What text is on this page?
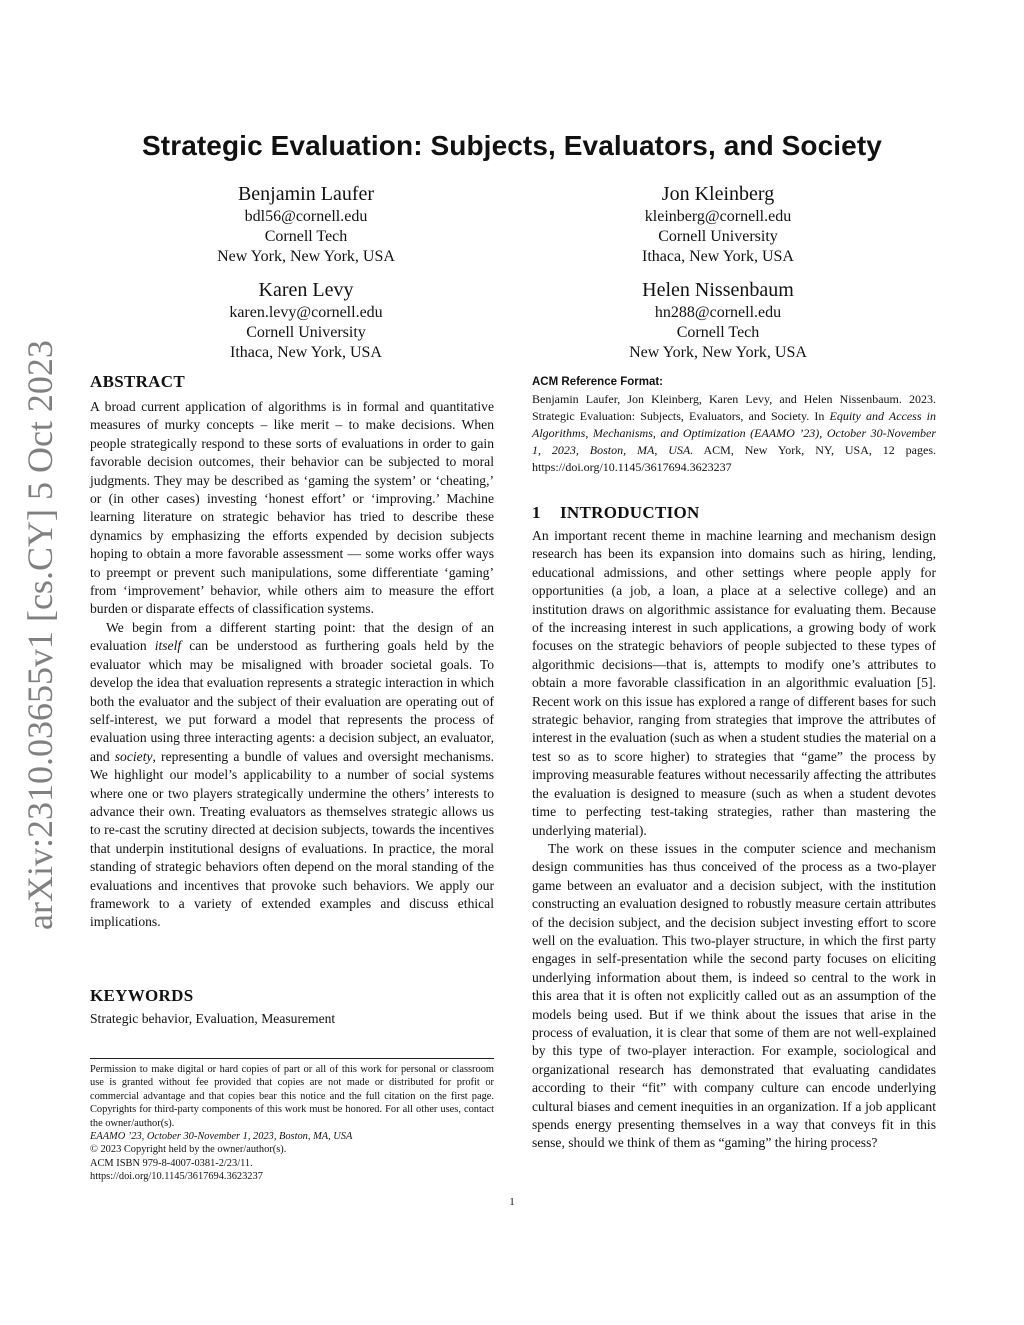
arXiv:2310.03655v1 [cs.CY] 5 Oct 2023
Strategic Evaluation: Subjects, Evaluators, and Society
Benjamin Laufer
bdl56@cornell.edu
Cornell Tech
New York, New York, USA
Jon Kleinberg
kleinberg@cornell.edu
Cornell University
Ithaca, New York, USA
Karen Levy
karen.levy@cornell.edu
Cornell University
Ithaca, New York, USA
Helen Nissenbaum
hn288@cornell.edu
Cornell Tech
New York, New York, USA
ABSTRACT

A broad current application of algorithms is in formal and quantitative measures of murky concepts – like merit – to make decisions. When people strategically respond to these sorts of evaluations in order to gain favorable decision outcomes, their behavior can be subjected to moral judgments. They may be described as ‘gaming the system’ or ‘cheating,’ or (in other cases) investing ‘honest effort’ or ‘improving.’ Machine learning literature on strategic behavior has tried to describe these dynamics by emphasizing the efforts expended by decision subjects hoping to obtain a more favorable assessment — some works offer ways to preempt or prevent such manipulations, some differentiate ‘gaming’ from ‘improvement’ behavior, while others aim to measure the effort burden or disparate effects of classification systems.

We begin from a different starting point: that the design of an evaluation itself can be understood as furthering goals held by the evaluator which may be misaligned with broader societal goals. To develop the idea that evaluation represents a strategic interaction in which both the evaluator and the subject of their evaluation are operating out of self-interest, we put forward a model that represents the process of evaluation using three interacting agents: a decision subject, an evaluator, and society, representing a bundle of values and oversight mechanisms. We highlight our model’s applicability to a number of social systems where one or two players strategically undermine the others’ interests to advance their own. Treating evaluators as themselves strategic allows us to re-cast the scrutiny directed at decision subjects, towards the incentives that underpin institutional designs of evaluations. In practice, the moral standing of strategic behaviors often depend on the moral standing of the evaluations and incentives that provoke such behaviors. We apply our framework to a variety of extended examples and discuss ethical implications.

KEYWORDS
Strategic behavior, Evaluation, Measurement

Permission to make digital or hard copies of part or all of this work for personal or classroom use is granted without fee provided that copies are not made or distributed for profit or commercial advantage and that copies bear this notice and the full citation on the first page. Copyrights for third-party components of this work must be honored. For all other uses, contact the owner/author(s).

EAAMO ’23, October 30-November 1, 2023, Boston, MA, USA

© 2023 Copyright held by the owner/author(s).

ACM ISBN 979-8-4007-0381-2/23/11.

https://doi.org/10.1145/3617694.3623237

ACM Reference Format:
Benjamin Laufer, Jon Kleinberg, Karen Levy, and Helen Nissenbaum. 2023. Strategic Evaluation: Subjects, Evaluators, and Society. In Equity and Access in Algorithms, Mechanisms, and Optimization (EAAMO ’23), October 30-November 1, 2023, Boston, MA, USA. ACM, New York, NY, USA, 12 pages. https://doi.org/10.1145/3617694.3623237
1 INTRODUCTION

An important recent theme in machine learning and mechanism design research has been its expansion into domains such as hiring, lending, educational admissions, and other settings where people apply for opportunities (a job, a loan, a place at a selective college) and an institution draws on algorithmic assistance for evaluating them. Because of the increasing interest in such applications, a growing body of work focuses on the strategic behaviors of people subjected to these types of algorithmic decisions—that is, attempts to modify one’s attributes to obtain a more favorable classification in an algorithmic evaluation [5]. Recent work on this issue has explored a range of different bases for such strategic behavior, ranging from strategies that improve the attributes of interest in the evaluation (such as when a student studies the material on a test so as to score higher) to strategies that “game” the process by improving measurable features without necessarily affecting the attributes the evaluation is designed to measure (such as when a student devotes time to perfecting test-taking strategies, rather than mastering the underlying material).

The work on these issues in the computer science and mechanism design communities has thus conceived of the process as a two-player game between an evaluator and a decision subject, with the institution constructing an evaluation designed to robustly measure certain attributes of the decision subject, and the decision subject investing effort to score well on the evaluation. This two-player structure, in which the first party engages in self-presentation while the second party focuses on eliciting underlying information about them, is indeed so central to the work in this area that it is often not explicitly called out as an assumption of the models being used. But if we think about the issues that arise in the process of evaluation, it is clear that some of them are not well-explained by this type of two-player interaction. For example, sociological and organizational research has demonstrated that evaluating candidates according to their “fit” with company culture can encode underlying cultural biases and cement inequities in an organization. If a job applicant spends energy presenting themselves in a way that conveys fit in this sense, should we think of them as “gaming” the hiring process?

1
